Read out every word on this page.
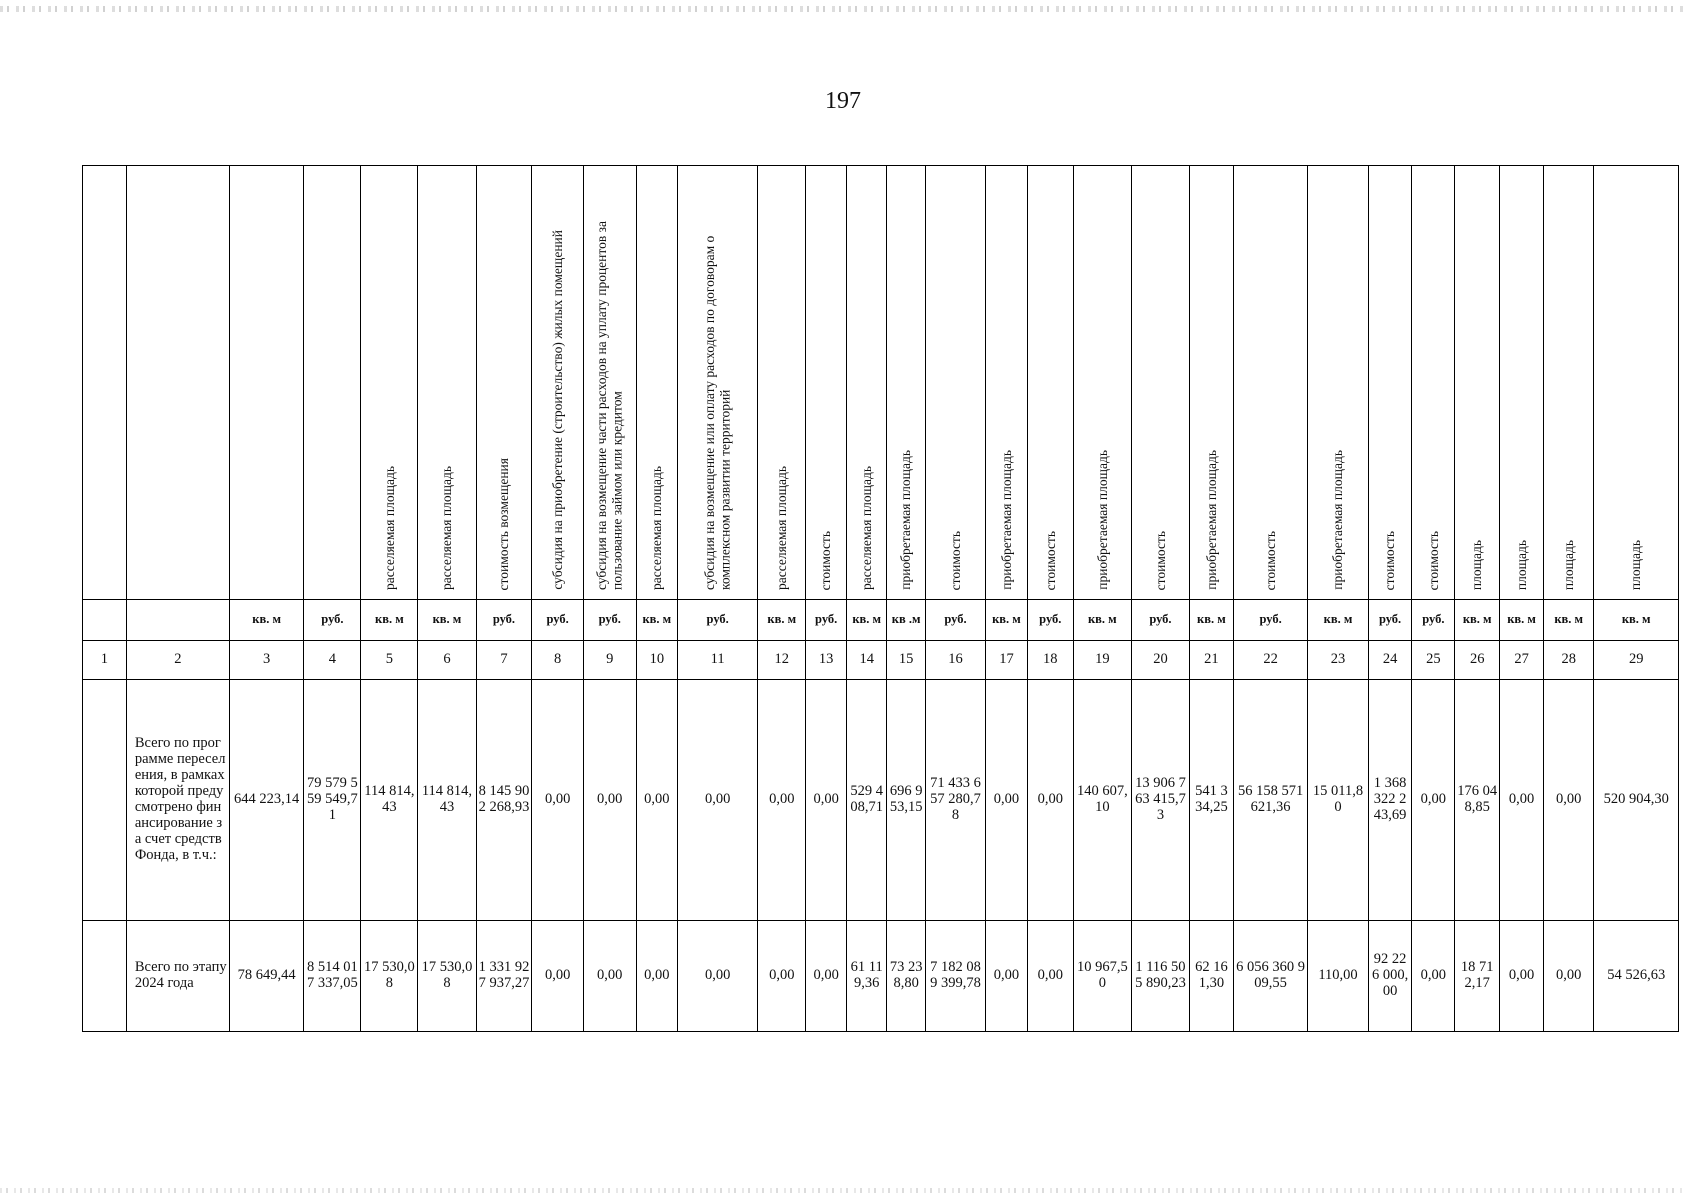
197
				расселяемая площадь	расселяемая площадь	стоимость возмещения	субсидия на приобретение (строительство) жилых помещений	субсидия на возмещение части расходов на уплату процентов за пользование займом или кредитом	расселяемая площадь	субсидия на возмещение или оплату расходов по договорам о комплексном развитии территорий	расселяемая площадь	стоимость	расселяемая площадь	приобретаемая площадь	стоимость	приобретаемая площадь	стоимость	приобретаемая площадь	стоимость	приобретаемая площадь	стоимость	приобретаемая площадь	стоимость	стоимость	площадь	площадь	площадь	площадь
		кв. м	руб.	кв. м	кв. м	руб.	руб.	руб.	кв. м	руб.	кв. м	руб.	кв. м	кв .м	руб.	кв. м	руб.	кв. м	руб.	кв. м	руб.	кв. м	руб.	руб.	кв. м	кв. м	кв. м	кв. м
1	2	3	4	5	6	7	8	9	10	11	12	13	14	15	16	17	18	19	20	21	22	23	24	25	26	27	28	29

	Всего по программе переселения, в рамках которой предусмотрено финансирование за счет средств Фонда, в т.ч.:	644 223,14	79 579 559 549,71	114 814,43	114 814,43	8 145 902 268,93	0,00	0,00	0,00	0,00	0,00	0,00	529 408,71	696 953,15	71 433 657 280,78	0,00	0,00	140 607,10	13 906 763 415,73	541 334,25	56 158 571 621,36	15 011,80	1 368 322 243,69	0,00	176 048,85	0,00	0,00	520 904,30

	Всего по этапу 2024 года	78 649,44	8 514 017 337,05	17 530,08	17 530,08	1 331 927 937,27	0,00	0,00	0,00	0,00	0,00	0,00	61 119,36	73 238,80	7 182 089 399,78	0,00	0,00	10 967,50	1 116 505 890,23	62 161,30	6 056 360 909,55	110,00	92 226 000,00	0,00	18 712,17	0,00	0,00	54 526,63
